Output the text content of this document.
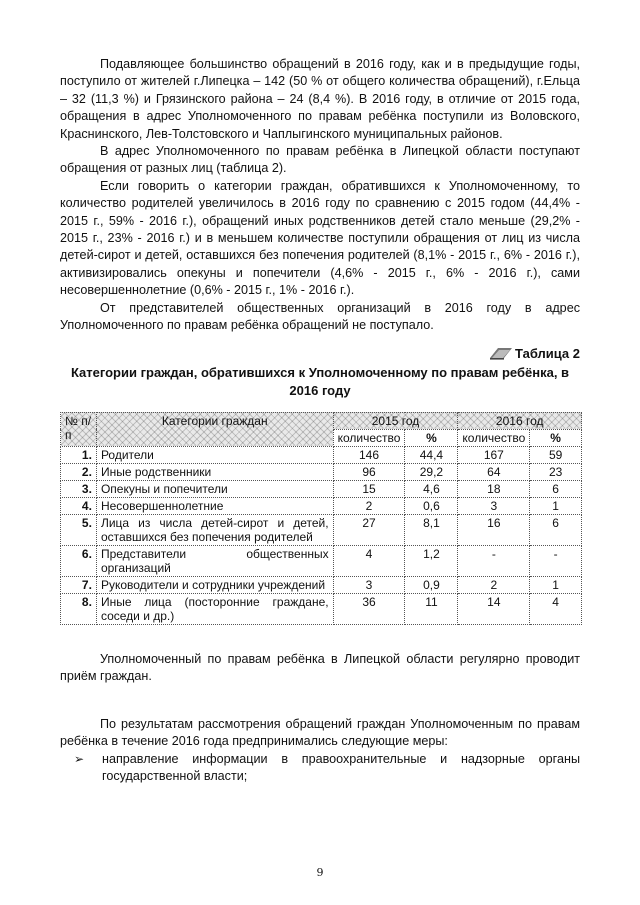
Подавляющее большинство обращений в 2016 году, как и в предыдущие годы, поступило от жителей г.Липецка – 142 (50 % от общего количества обращений), г.Ельца – 32 (11,3 %) и Грязинского района – 24 (8,4 %). В 2016 году, в отличие от 2015 года, обращения в адрес Уполномоченного по правам ребёнка поступили из Воловского, Краснинского, Лев-Толстовского и Чаплыгинского муниципальных районов.

В адрес Уполномоченного по правам ребёнка в Липецкой области поступают обращения от разных лиц (таблица 2).

Если говорить о категории граждан, обратившихся к Уполномоченному, то количество родителей увеличилось в 2016 году по сравнению с 2015 годом (44,4% - 2015 г., 59% - 2016 г.), обращений иных родственников детей стало меньше (29,2% - 2015 г., 23% - 2016 г.) и в меньшем количестве поступили обращения от лиц из числа детей-сирот и детей, оставшихся без попечения родителей (8,1% - 2015 г., 6% - 2016 г.), активизировались опекуны и попечители (4,6% - 2015 г., 6% - 2016 г.), сами несовершеннолетние (0,6% - 2015 г., 1% - 2016 г.).

От представителей общественных организаций в 2016 году в адрес Уполномоченного по правам ребёнка обращений не поступало.

Таблица 2
Категории граждан, обратившихся к Уполномоченному по правам ребёнка, в 2016 году
№ п/п	Категории граждан	2015 год		2016 год	
		количество	%	количество	%
1.	Родители	146	44,4	167	59
2.	Иные родственники	96	29,2	64	23
3.	Опекуны и попечители	15	4,6	18	6
4.	Несовершеннолетние	2	0,6	3	1
5.	Лица из числа детей-сирот и детей, оставшихся без попечения родителей	27	8,1	16	6
6.	Представители общественных организаций	4	1,2	-	-
7.	Руководители и сотрудники учреждений	3	0,9	2	1
8.	Иные лица (посторонние граждане, соседи и др.)	36	11	14	4

Уполномоченный по правам ребёнка в Липецкой области регулярно проводит приём граждан.

По результатам рассмотрения обращений граждан Уполномоченным по правам ребёнка в течение 2016 года предпринимались следующие меры:

➢	направление информации в правоохранительные и надзорные органы государственной власти;
9
